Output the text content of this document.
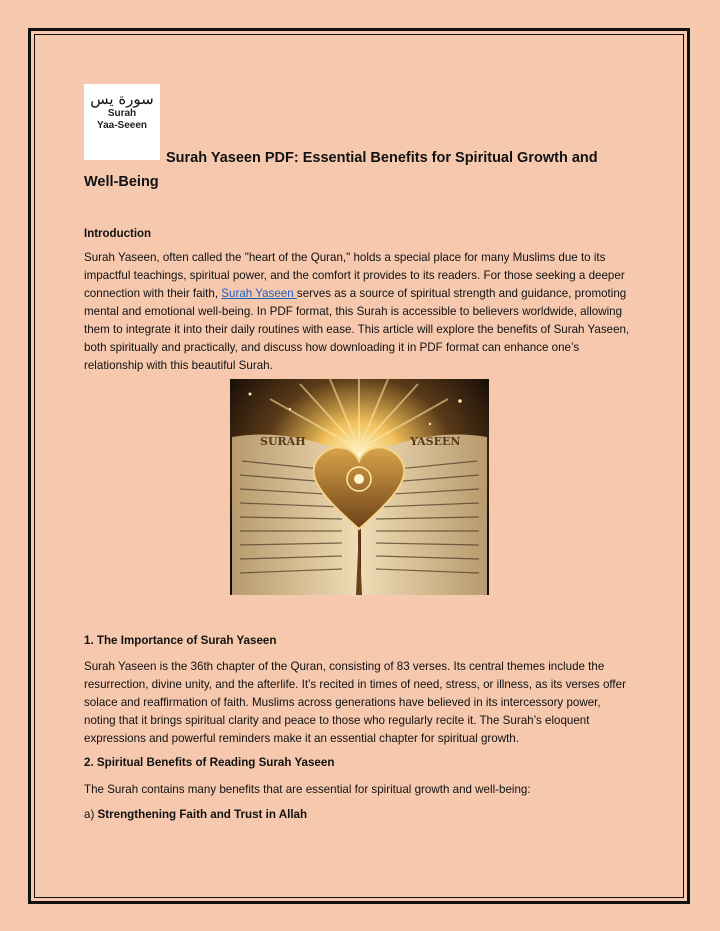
سورة يس
Surah
Yaa-Seeen
Surah Yaseen PDF: Essential Benefits for Spiritual Growth and Well-Being
Introduction

Surah Yaseen, often called the "heart of the Quran," holds a special place for many Muslims due to its impactful teachings, spiritual power, and the comfort it provides to its readers. For those seeking a deeper connection with their faith, Surah Yaseen serves as a source of spiritual strength and guidance, promoting mental and emotional well-being. In PDF format, this Surah is accessible to believers worldwide, allowing them to integrate it into their daily routines with ease. This article will explore the benefits of Surah Yaseen, both spiritually and practically, and discuss how downloading it in PDF format can enhance one’s relationship with this beautiful Surah.

SURAH	YASEEN
1. The Importance of Surah Yaseen

Surah Yaseen is the 36th chapter of the Quran, consisting of 83 verses. Its central themes include the resurrection, divine unity, and the afterlife. It’s recited in times of need, stress, or illness, as its verses offer solace and reaffirmation of faith. Muslims across generations have believed in its intercessory power, noting that it brings spiritual clarity and peace to those who regularly recite it. The Surah’s eloquent expressions and powerful reminders make it an essential chapter for spiritual growth.

2. Spiritual Benefits of Reading Surah Yaseen

The Surah contains many benefits that are essential for spiritual growth and well-being:

a) Strengthening Faith and Trust in Allah
